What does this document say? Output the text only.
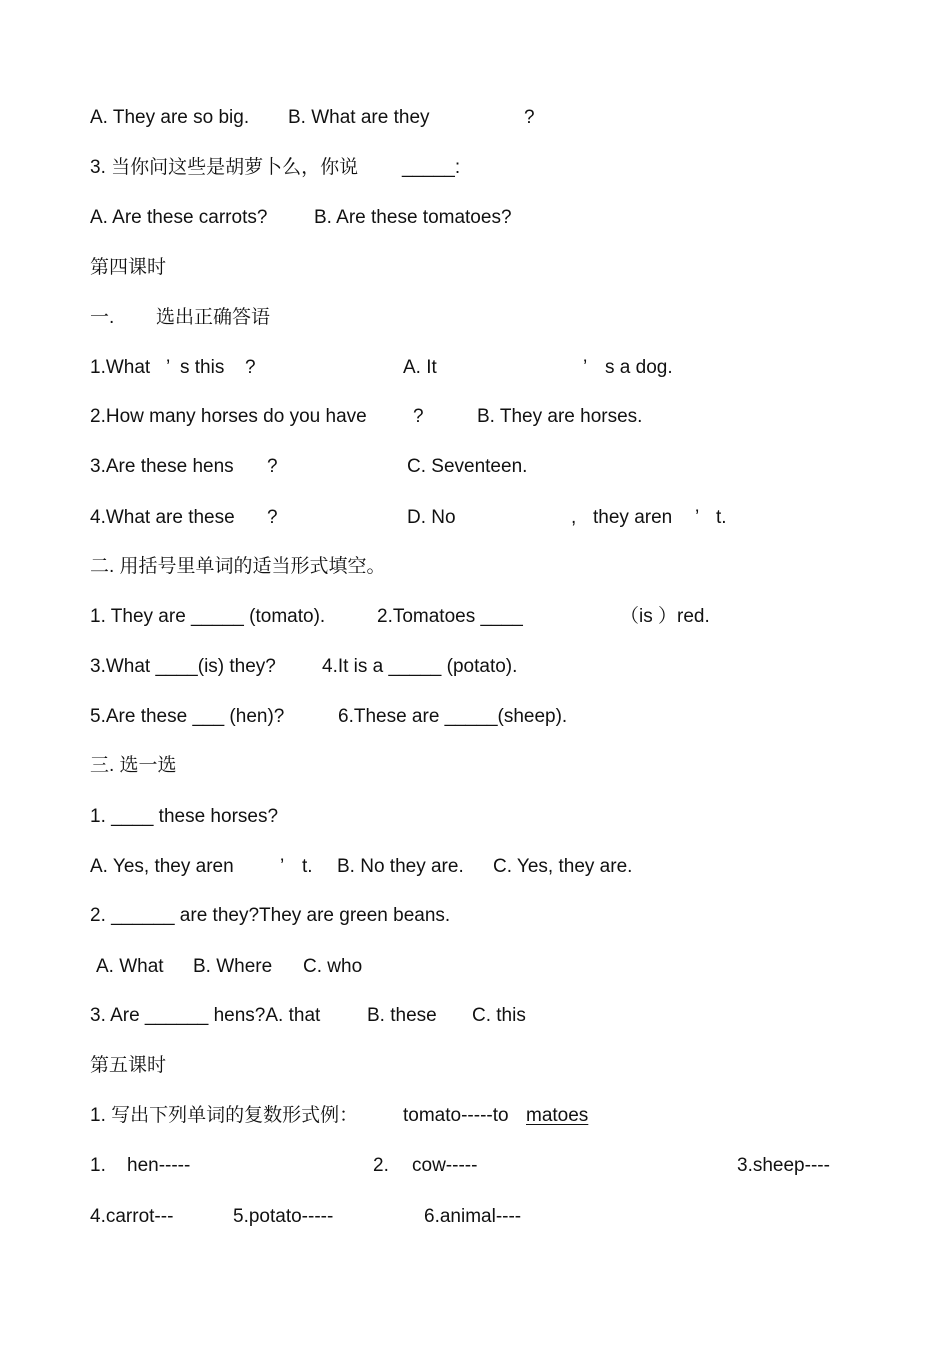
A. They are so big. B. What are they	?
3. 当你问这些是胡萝卜么，你说 _____:
A. Are these carrots? B. Are these tomatoes?
第四课时
一. 选出正确答语
1.What ’ s this ?	A. It	’ s a dog.
2.How many horses do you have ?	B. They are horses.
3.Are these hens ?	C. Seventeen.
4.What are these ?	D. No	, they aren ’ t.
二. 用括号里单词的适当形式填空。
1. They are _____ (tomato).	2.Tomatoes ____	（is ）red.
3.What ____(is) they? 4.It is a _____ (potato).
5.Are these ___ (hen)?	6.These are _____(sheep).
三. 选一选
1. ____ these horses?
A. Yes, they aren ’ t. B. No they are. C. Yes, they are.
2. ______ are they?They are green beans.
A. What B. Where C. who
3. Are ______ hens?A. that B. these C. this
第五课时
1. 写出下列单词的复数形式例： tomato-----to matoes
1. hen-----	2. cow-----	3.sheep----
4.carrot---	5.potato-----	6.animal----
